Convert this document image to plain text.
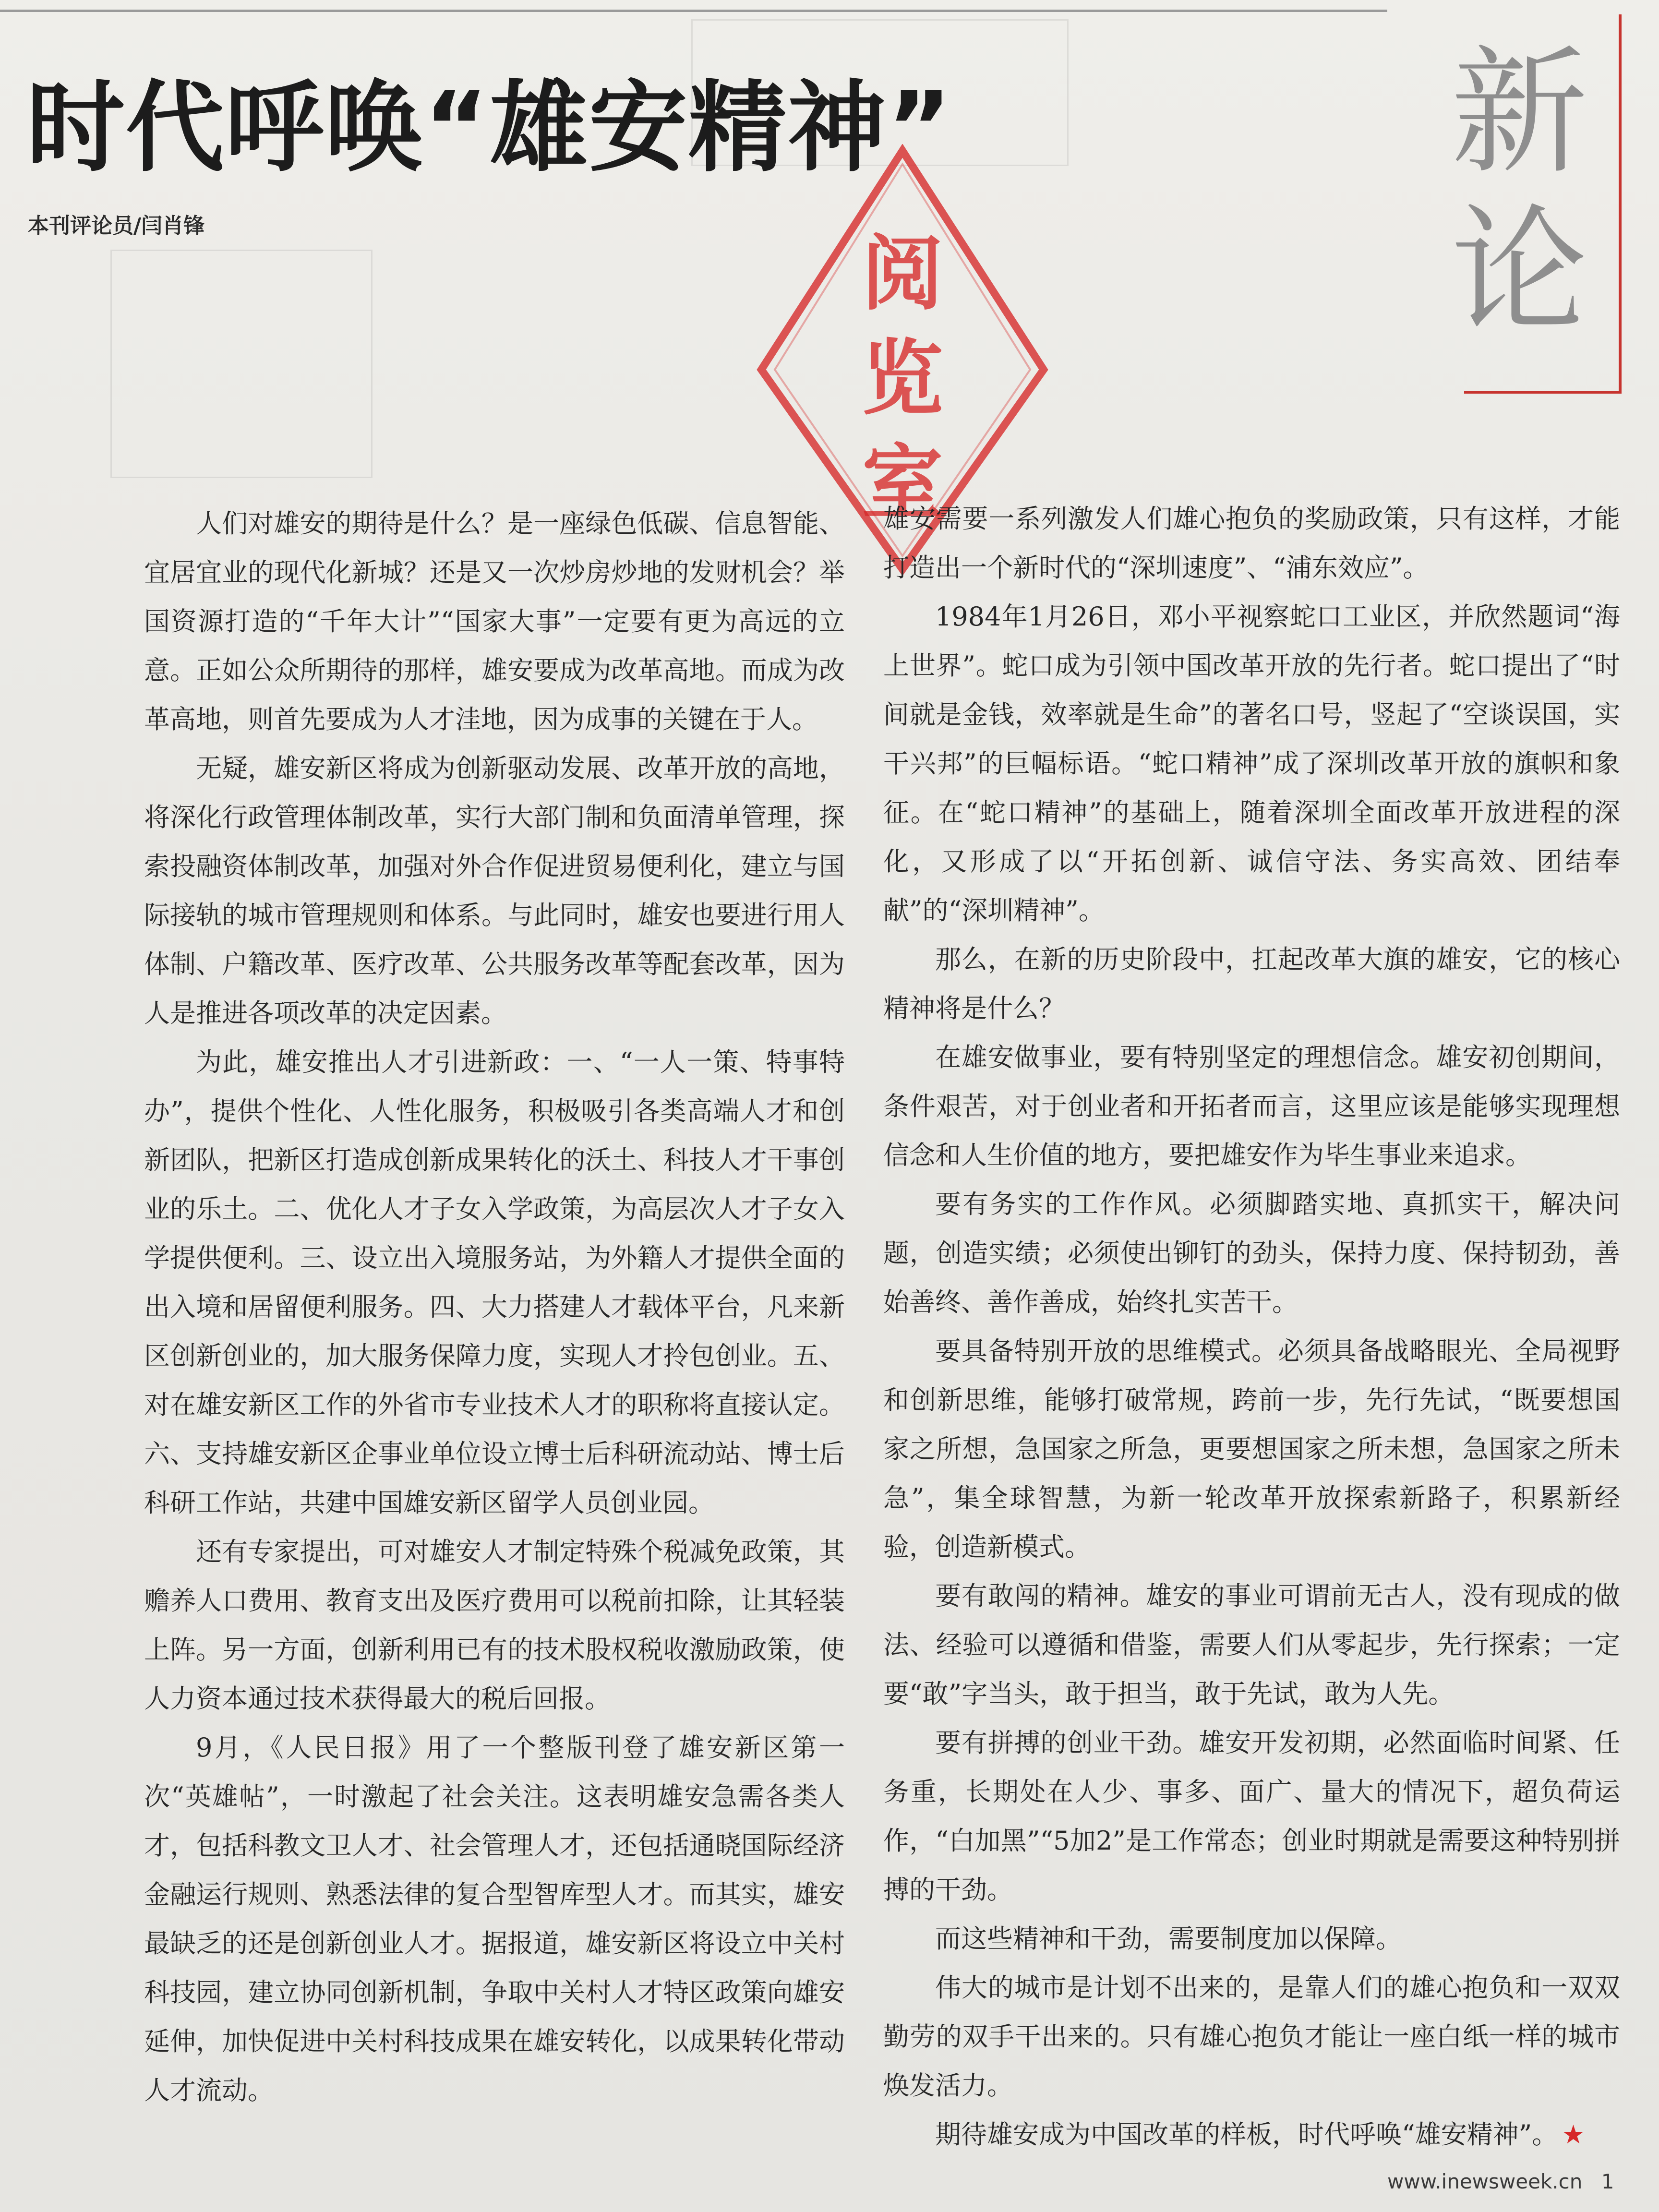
时代呼唤“雄安精神”
本刊评论员/闫肖锋
新
论
阅
览
室

人们对雄安的期待是什么？是一座绿色低碳、信息智能、宜居宜业的现代化新城？还是又一次炒房炒地的发财机会？举国资源打造的“千年大计”“国家大事”一定要有更为高远的立意。正如公众所期待的那样，雄安要成为改革高地。而成为改革高地，则首先要成为人才洼地，因为成事的关键在于人。

无疑，雄安新区将成为创新驱动发展、改革开放的高地，将深化行政管理体制改革，实行大部门制和负面清单管理，探索投融资体制改革，加强对外合作促进贸易便利化，建立与国际接轨的城市管理规则和体系。与此同时，雄安也要进行用人体制、户籍改革、医疗改革、公共服务改革等配套改革，因为人是推进各项改革的决定因素。

为此，雄安推出人才引进新政：一、“一人一策、特事特办”，提供个性化、人性化服务，积极吸引各类高端人才和创新团队，把新区打造成创新成果转化的沃土、科技人才干事创业的乐土。二、优化人才子女入学政策，为高层次人才子女入学提供便利。三、设立出入境服务站，为外籍人才提供全面的出入境和居留便利服务。四、大力搭建人才载体平台，凡来新区创新创业的，加大服务保障力度，实现人才拎包创业。五、对在雄安新区工作的外省市专业技术人才的职称将直接认定。六、支持雄安新区企事业单位设立博士后科研流动站、博士后科研工作站，共建中国雄安新区留学人员创业园。

还有专家提出，可对雄安人才制定特殊个税减免政策，其赡养人口费用、教育支出及医疗费用可以税前扣除，让其轻装上阵。另一方面，创新利用已有的技术股权税收激励政策，使人力资本通过技术获得最大的税后回报。

9月，《人民日报》用了一个整版刊登了雄安新区第一次“英雄帖”，一时激起了社会关注。这表明雄安急需各类人才，包括科教文卫人才、社会管理人才，还包括通晓国际经济金融运行规则、熟悉法律的复合型智库型人才。而其实，雄安最缺乏的还是创新创业人才。据报道，雄安新区将设立中关村科技园，建立协同创新机制，争取中关村人才特区政策向雄安延伸，加快促进中关村科技成果在雄安转化，以成果转化带动人才流动。

雄安需要一系列激发人们雄心抱负的奖励政策，只有这样，才能打造出一个新时代的“深圳速度”、“浦东效应”。

1984年1月26日，邓小平视察蛇口工业区，并欣然题词“海上世界”。蛇口成为引领中国改革开放的先行者。蛇口提出了“时间就是金钱，效率就是生命”的著名口号，竖起了“空谈误国，实干兴邦”的巨幅标语。“蛇口精神”成了深圳改革开放的旗帜和象征。在“蛇口精神”的基础上，随着深圳全面改革开放进程的深化，又形成了以“开拓创新、诚信守法、务实高效、团结奉献”的“深圳精神”。

那么，在新的历史阶段中，扛起改革大旗的雄安，它的核心精神将是什么？

在雄安做事业，要有特别坚定的理想信念。雄安初创期间，条件艰苦，对于创业者和开拓者而言，这里应该是能够实现理想信念和人生价值的地方，要把雄安作为毕生事业来追求。

要有务实的工作作风。必须脚踏实地、真抓实干，解决问题，创造实绩；必须使出铆钉的劲头，保持力度、保持韧劲，善始善终、善作善成，始终扎实苦干。

要具备特别开放的思维模式。必须具备战略眼光、全局视野和创新思维，能够打破常规，跨前一步，先行先试，“既要想国家之所想，急国家之所急，更要想国家之所未想，急国家之所未急”，集全球智慧，为新一轮改革开放探索新路子，积累新经验，创造新模式。

要有敢闯的精神。雄安的事业可谓前无古人，没有现成的做法、经验可以遵循和借鉴，需要人们从零起步，先行探索；一定要“敢”字当头，敢于担当，敢于先试，敢为人先。

要有拼搏的创业干劲。雄安开发初期，必然面临时间紧、任务重，长期处在人少、事多、面广、量大的情况下，超负荷运作，“白加黑”“5加2”是工作常态；创业时期就是需要这种特别拼搏的干劲。

而这些精神和干劲，需要制度加以保障。

伟大的城市是计划不出来的，是靠人们的雄心抱负和一双双勤劳的双手干出来的。只有雄心抱负才能让一座白纸一样的城市焕发活力。

期待雄安成为中国改革的样板，时代呼唤“雄安精神”。 ★

www.inewsweek.cn 1
